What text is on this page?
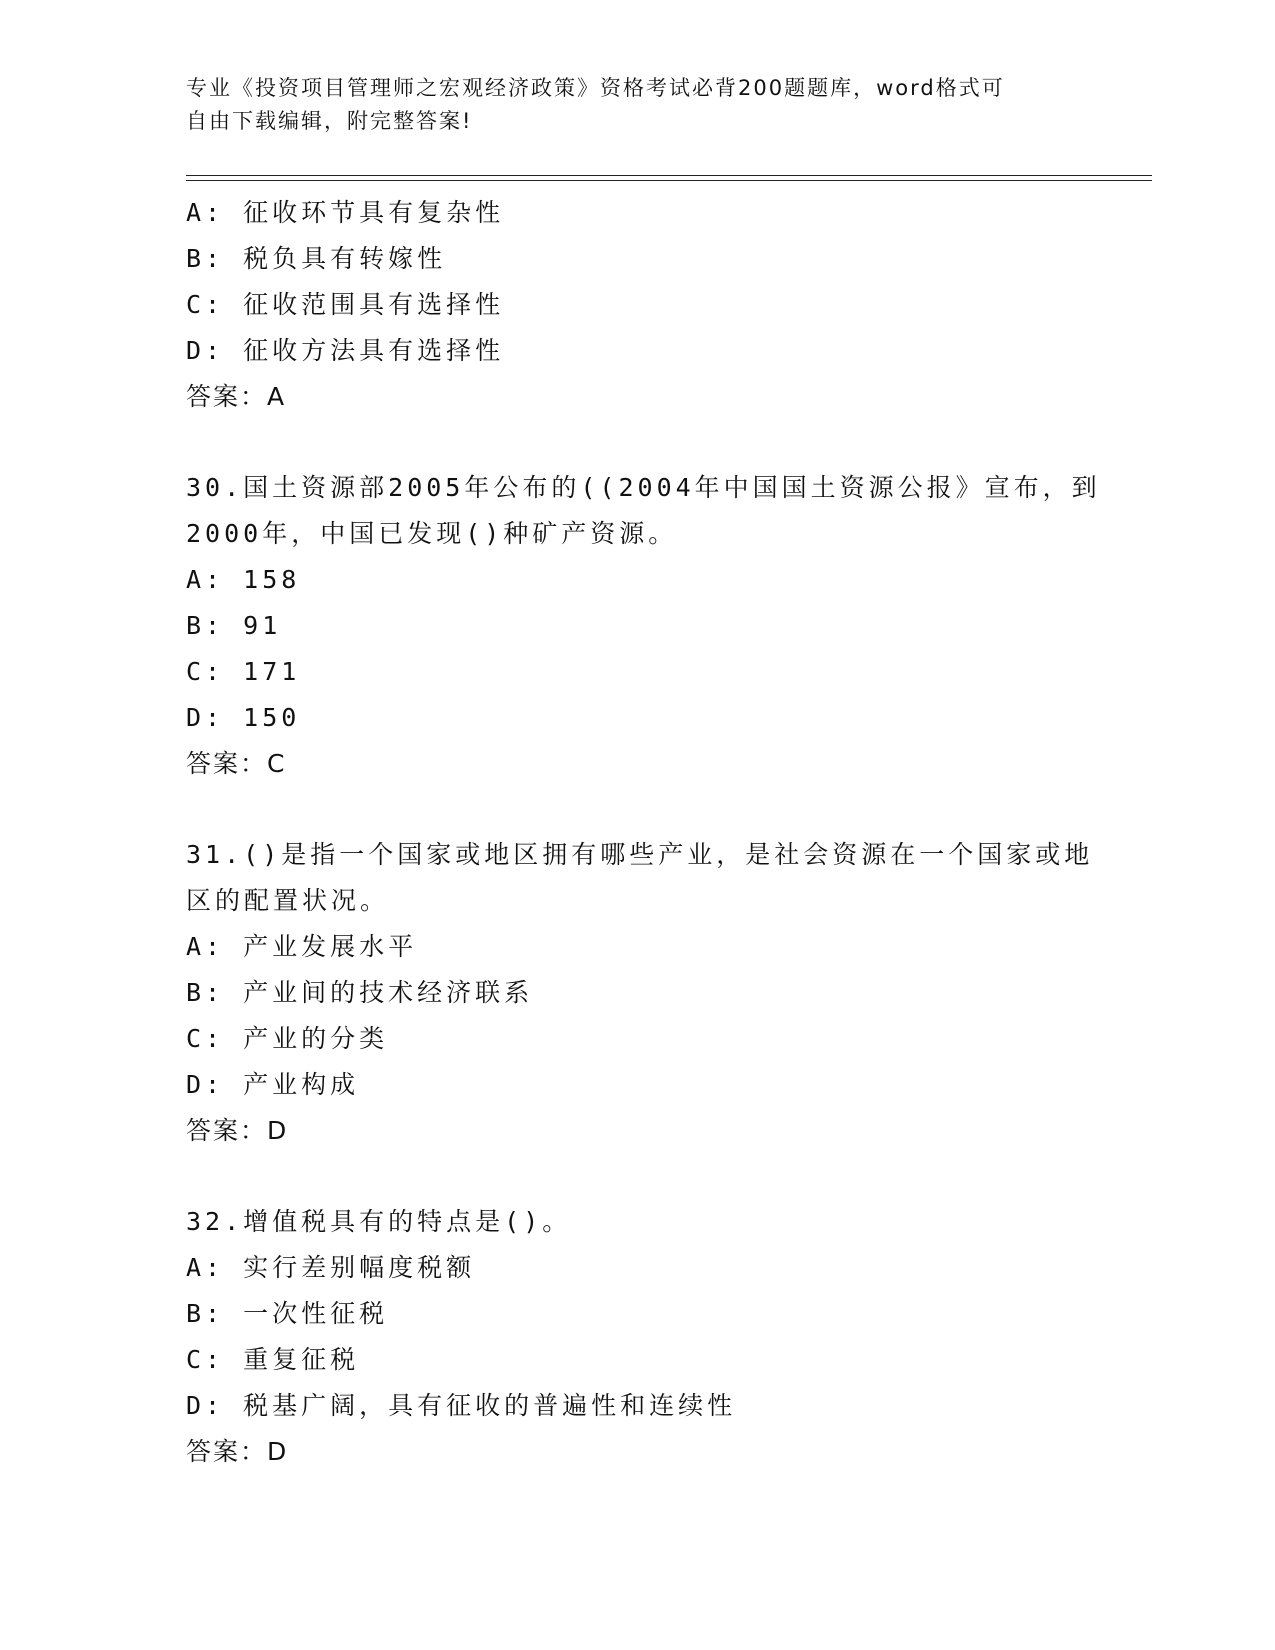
专业《投资项目管理师之宏观经济政策》资格考试必背200题题库，word格式可
自由下载编辑，附完整答案!
A: 征收环节具有复杂性
B: 税负具有转嫁性
C: 征收范围具有选择性
D: 征收方法具有选择性
答案：A
30.国土资源部2005年公布的((2004年中国国土资源公报》宣布，到
2000年，中国已发现()种矿产资源。
A: 158
B: 91
C: 171
D: 150
答案：C
31.()是指一个国家或地区拥有哪些产业，是社会资源在一个国家或地
区的配置状况。
A: 产业发展水平
B: 产业间的技术经济联系
C: 产业的分类
D: 产业构成
答案：D
32.增值税具有的特点是()。
A: 实行差别幅度税额
B: 一次性征税
C: 重复征税
D: 税基广阔，具有征收的普遍性和连续性
答案：D
